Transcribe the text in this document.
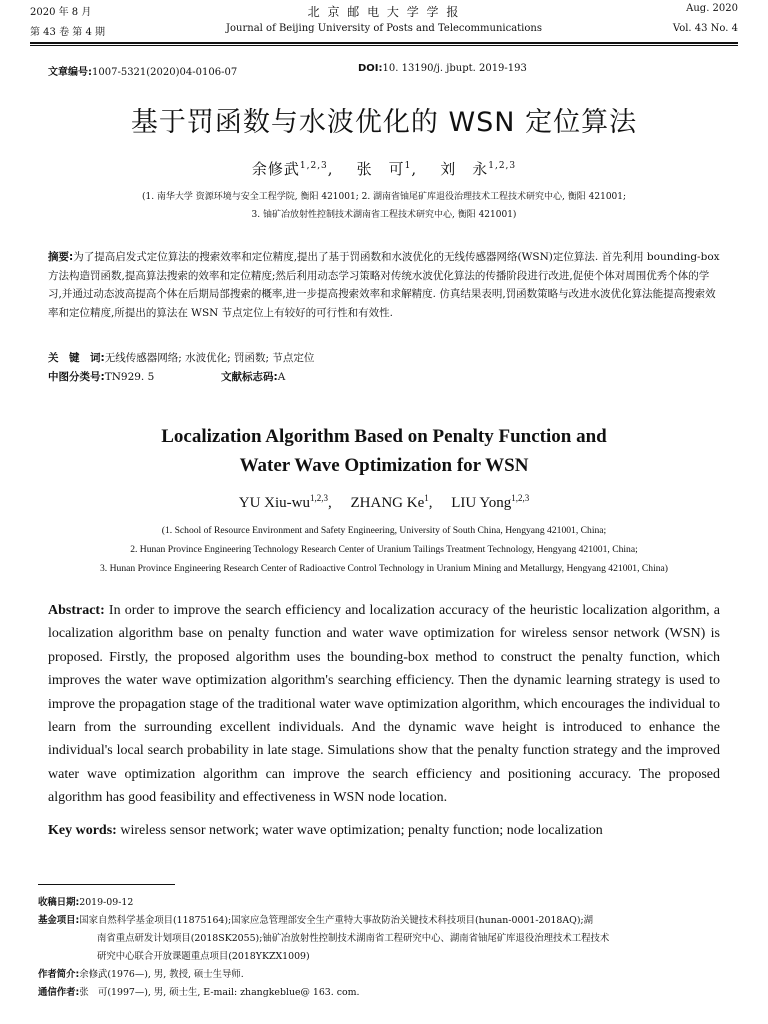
2020 年 8 月	北 京 邮 电 大 学 学 报	Aug. 2020
第 43 卷 第 4 期	Journal of Beijing University of Posts and Telecommunications	Vol. 43 No. 4
文章编号:1007-5321(2020)04-0106-07	DOI:10. 13190/j. jbupt. 2019-193
基于罚函数与水波优化的 WSN 定位算法
余修武$^{1,2,3}$,    张　可$^1$,    刘　永$^{1,2,3}$
(1. 南华大学 资源环境与安全工程学院, 衡阳 421001; 2. 湖南省铀尾矿库退役治理技术工程技术研究中心, 衡阳 421001;
3. 铀矿冶放射性控制技术湖南省工程技术研究中心, 衡阳 421001)
摘要:为了提高启发式定位算法的搜索效率和定位精度,提出了基于罚函数和水波优化的无线传感器网络(WSN)定位算法. 首先利用 bounding-box 方法构造罚函数,提高算法搜索的效率和定位精度;然后利用动态学习策略对传统水波优化算法的传播阶段进行改进,促使个体对周围优秀个体的学习,并通过动态波高提高个体在后期局部搜索的概率,进一步提高搜索效率和求解精度. 仿真结果表明,罚函数策略与改进水波优化算法能提高搜索效率和定位精度,所提出的算法在 WSN 节点定位上有较好的可行性和有效性.
关　键　词:无线传感器网络; 水波优化; 罚函数; 节点定位
中图分类号:TN929. 5	文献标志码:A
Localization Algorithm Based on Penalty Function and
Water Wave Optimization for WSN
YU Xiu-wu$^{1,2,3}$,     ZHANG Ke$^1$,     LIU Yong$^{1,2,3}$
(1. School of Resource Environment and Safety Engineering, University of South China, Hengyang 421001, China;
2. Hunan Province Engineering Technology Research Center of Uranium Tailings Treatment Technology, Hengyang 421001, China;
3. Hunan Province Engineering Research Center of Radioactive Control Technology in Uranium Mining and Metallurgy, Hengyang 421001, China)
Abstract: In order to improve the search efficiency and localization accuracy of the heuristic localization algorithm, a localization algorithm base on penalty function and water wave optimization for wireless sensor network (WSN) is proposed. Firstly, the proposed algorithm uses the bounding-box method to construct the penalty function, which improves the water wave optimization algorithm's searching efficiency. Then the dynamic learning strategy is used to improve the propagation stage of the traditional water wave optimization algorithm, which encourages the individual to learn from the surrounding excellent individuals. And the dynamic wave height is introduced to enhance the individual's local search probability in late stage. Simulations show that the penalty function strategy and the improved water wave optimization algorithm can improve the search efficiency and positioning accuracy. The proposed algorithm has good feasibility and effectiveness in WSN node location.
Key words: wireless sensor network; water wave optimization; penalty function; node localization
收稿日期:2019-09-12
基金项目:国家自然科学基金项目(11875164);国家应急管理部安全生产重特大事故防治关键技术科技项目(hunan-0001-2018AQ);湖
南省重点研发计划项目(2018SK2055);铀矿冶放射性控制技术湖南省工程研究中心、湖南省铀尾矿库退役治理技术工程技术
研究中心联合开放课题重点项目(2018YKZX1009)
作者简介:余修武(1976—), 男, 教授, 硕士生导师.
通信作者:张　可(1997—), 男, 硕士生, E-mail: zhangkeblue@ 163. com.
